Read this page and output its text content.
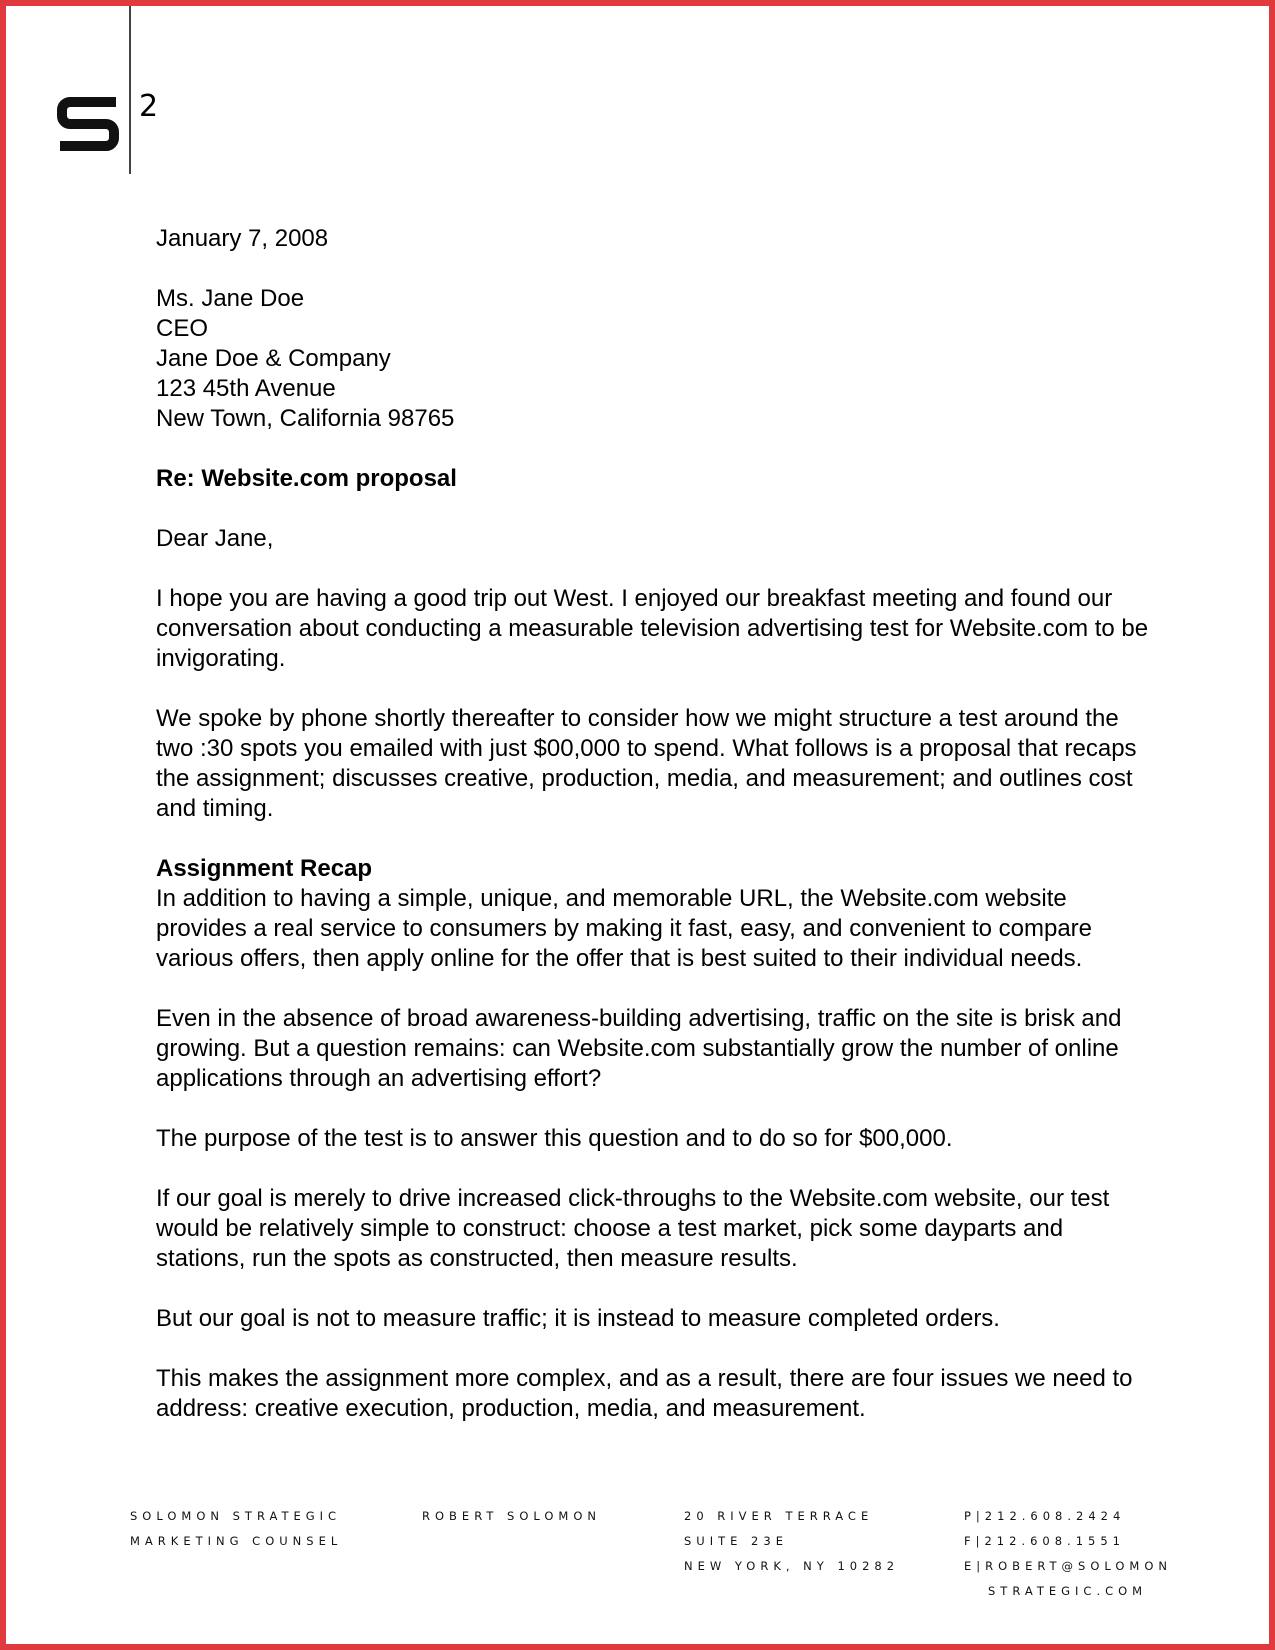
2
January 7, 2008
Ms. Jane Doe
CEO
Jane Doe & Company
123 45th Avenue
New Town, California 98765
Re: Website.com proposal

Dear Jane,

I hope you are having a good trip out West. I enjoyed our breakfast meeting and found our conversation about conducting a measurable television advertising test for Website.com to be invigorating.

We spoke by phone shortly thereafter to consider how we might structure a test around the two :30 spots you emailed with just $00,000 to spend. What follows is a proposal that recaps the assignment; discusses creative, production, media, and measurement; and outlines cost and timing.

Assignment Recap

In addition to having a simple, unique, and memorable URL, the Website.com website provides a real service to consumers by making it fast, easy, and convenient to compare various offers, then apply online for the offer that is best suited to their individual needs.

Even in the absence of broad awareness-building advertising, traffic on the site is brisk and growing. But a question remains: can Website.com substantially grow the number of online applications through an advertising effort?

The purpose of the test is to answer this question and to do so for $00,000.

If our goal is merely to drive increased click-throughs to the Website.com website, our test would be relatively simple to construct: choose a test market, pick some dayparts and stations, run the spots as constructed, then measure results.

But our goal is not to measure traffic; it is instead to measure completed orders.

This makes the assignment more complex, and as a result, there are four issues we need to address: creative execution, production, media, and measurement.

SOLOMON STRATEGIC
MARKETING COUNSEL
ROBERT SOLOMON	20 RIVER TERRACE
SUITE 23E
NEW YORK, NY 10282
P|212.608.2424
F|212.608.1551
E|ROBERT@SOLOMON
STRATEGIC.COM
